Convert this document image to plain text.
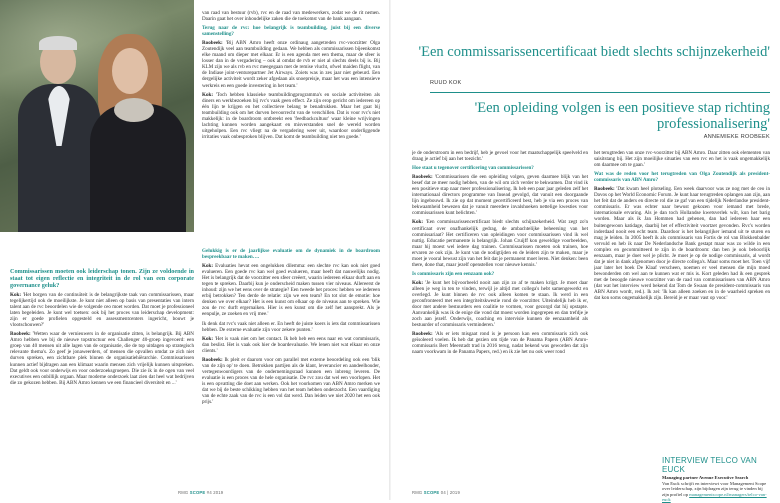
van raad van bestuur (rvb), rvc en de raad van medewerkers, zodat we de rit nemen. Daarin gaat het over inhoudelijke zaken die de toekomst van de bank aangaan.

Terug naar de rvc: hoe belangrijk is teambuilding, juist bij een diverse samenstelling?

Roobeek: 'Bij ABN Amro heeft onze ordinaug aangetreden rvc-voorzitter Olga Zoutendijk veel aan teambuilding gedaan. We hebben als commissarissen bijeenkomst elke maand om dieper met elkaar. Er is een agenda met een thema, maar de sfeer is losser dan in de vergadering – ook al omdat de rvb er niet al slechts deels bij is. Bij KLM zijn we als rvb en rvc meegegaan met de remise vlucht, ofwel maiden flight, van de Indiase joint-venturepartner Jet Airways. Zoiets was in zes jaar niet gebeurd. Een dergelijke activiteit wordt zeker afgedaan als snoepreisje, maar het was een intensieve werkreis en een goede investering in het team.'

Kok: 'Toch hebben klassieke teambuildingprogramma's en sociale activiteiten als diners en werkbezoeken bij rvc's vaak geen effect. Ze zijn erop gericht om iedereen op één lijn te krijgen en het collectieve belang te benadrukken. Maar het gaat bij teambuilding ook om het durven bevoorrecht van de verschillen. Dat is voor rvc's niet makkelijk: in de boardroom ontbreekt een 'feedbackcultuur' waar kleine wrijvingen lachting kunnen worden aangekaart en misverstanden snel de wereld worden uitgeholpen. Een rvc vliegt na de vergadering weer uit, waardoor onderliggende irritaties vaak onbesproken blijven. Dat komt de teambuilding niet ten goede.'

Gelukkig is er de jaarlijkse evaluatie om de dynamiek in de boardroom bespreekbaar te maken….

Kok: Evaluaties hevat een ongelukken dilemma: een slechte rvc kan ook niet goed evalueren. Een goede rvc kan wel goed evalueren, maar heeft dat nauwelijks nodig. Het is belangrijk dat de voorzitter een sfeer creëert, waarin iedereen elkaar durft aan en tegen te spreken. Daarbij kun je onderscheid maken tussen vier niveaus. Allereerst de inhoud: zijn we het eens over de strategie? Een tweede het proces: hebben we iedereen erbij betrokken? Ten derde de relatie: zijn we een team? En tot slot de emotie: hoe denken we over elkaar? Het is een kunst om elkaar op de niveaus aan te spreken. Wie zou de rvc durft ergernaiken. Hier is een kunst om die zelf het aansprekt. Als je eenpulje, ze zoeken en vrij mee.'

Ik denk dat rvc's vaak niet alleen er. En heeft de juiste koers is iets dat commissarissen hebben. De externe evaluatie zijn voor zekere punten.'

Kok: 'Het is vaak niet om het contact. Ik heb heb een eens naar en wat commissaris, dan beslist. Het is vaak ook hier de boardevaluatie. We lenen niet wat elkaar en onze clients.'

Roobeek: Ik pleit er daarom voor om parallel met externe beoordeling ook een 'blik van de zijn op' te doen. Betrokken partijen als de klant, leverancier en aandeelhouder, vertegenwoordigers van de ondernemingsraad kunnen een inbreng leveren. De evaluatie is een proces van de hele organisatie. De rvc zou dat wel een voorlopen. Het is een opvatting die doet aan werken. Ook het voorkomen van ABN Amro merken we dat we bij de beste schikking hebben van het team hebben onderzocht. Een vaardiging van de echte zaak van de rvc is een vol dat werd. Dan leiden we niet 2020 het een ook prijs.'

Commissarissen moeten ook leiderschap tonen. Zijn ze voldoende in staat tot eigen reflectie en integriteit in de rol van een corporate governance geluk?

Kok: 'Het borgen van de continuïteit is de belangrijkste taak van commissarissen, maar tegelijkertijd ook de moeilijkste. Je kunt niet alleen op basis van presentaties van intern talent aan de rvc beoordelen wie de volgende ceo moet worden. Dat moet je professioneel laten begeleiden. Je kunt wel toetsen: ook bij het proces van leiderschap development: zijn er goede profielen opgesteld en assessmentcenters ingericht, bouwt je vlootschouwen?'

Roobeek: 'Wetten waar de vernieuwers in de organisatie zitten, is belangrijk. Bij ABN Amro hebben we bij de nieuwe topstructuur een Challenger 40-groep ingevoerd: een groep van 40 mensen uit alle lagen van de organisatie, die de top uitdagen op strategisch relevante thema's. Zo geef je jonaweerders, of mensen die opvallen omdat ze zich niet durven spreken, een zichtbare plek binnen de organisatiehiërarchie. Commissarissen kunnen actief bijdragen aan een klimaat waarin mensen zich vrijelijk kunnen uitspreken. Dat geldt ook voor onderwijs en voor onderzoeksgroepen. Die zie ik in de ogen van veel executives een onbillijk orgaan. Maar moderne onderzoek laat zien dat heel wat bedrijven die zo gekozen hebben. Bij ABN Amro kennen we een financieel diversiteit en ...'

RMG SCOPE #4 2019
'Een commissarissencertificaat biedt slechts schijnzekerheid'
RUUD KOK
'Een opleiding volgen is een positieve stap richting professionalisering'
ANNEMIEKE ROOBEEK

je de onderstroom in een bedrijf, heb je gevoel voor het maatschappelijk speelveld en draag je actief bij aan het toezicht.'

Hoe staat u tegenover certificering van commissarissen?

Roobeek: 'Commissarissen die een opleiding volgen, geven daarmee blijk van het besef dat ze meer nodig hebben, van de wil om zich verder te bekwamen. Dat vind ik een positieve stap naar meer professionalisering. Ik heb een paar jaar geleden zelf het internationaal directors programme van Insead gevolgd, dat vanuit een doorgaande lijn ingebouwd. Ik zie op dat moment gecertificeerd best, heb je via een proces van bekwaamheid bewezen dat je vanuit meerdere invalshoeken nettelige kwesties voor commissarissen kunt belichten.'

Kok: 'Een commissarissencertificaat biedt slechts schijnzekerheid. Wat zegt zo'n certificaat over onafhankelijk gedrag, de ambachtelijke beheersing van het commissariaat? Het certificeren van opleidingen voor commissarissen vind ik wel nuttig. Educatie permanente is belangrijk. Johan Cruijff kon geweldige voorbeelden, maar hij moest wel iedere dag trainen. Commissarissen moeten ook trainen, hoe ervaren ze ook zijn. Je kunt van de nodigtijden en de leiders zijn te maken, maar je moet je vooral bewust zijn van het feit dat je permanent moet leren. Niet denken: been there, done that, maar jezelf openstellen voor nieuwe kennis.'

Is commissaris zijn een eenzaam ook?

Kok: 'Je kunt het bijvoorbeeld nooit aan zijn zo af te maken krijgt. Je moet daar alleen je weg in ten te vinden, terwijl je altijd met collega's hebt samengewerkt en overlegd. Je kunt binnen de rvc ook alleen komen te staan. Ik werd in een geconfronteerd met een integriteitskwestie rond de voorzitter. Uiteindelijk heb ik er, door met andere bestuurders een coalitie te vormen, voor gezorgd dat hij opstapte. Aanvankelijk was ik de enige die vond dat moest worden ingegrepen en dan trefdje je zoch aan jezelf. Onderwijs, coaching en intervisie kunnen de eenzaamheid als bestuurder of commissaris verminderen.'

Roobeek: 'Als er iets misgaat rond is je persoon kan een commissaris zich ook geïsoleerd voelen. Ik heb dat gezien om tijde van de Panama Papers (ABN Amro-commissaris Bert Meerstadt trad in 2016 terug, nadat bekend was geworden dat zijn naam voorkwam in de Panama Papers, red.) en ik zie het nu ook weer rond

het terugtreden van onze rvc-voorzitter bij ABN Amro. Daar zitten ook elementen van saisitstang bij. Het zijn moeilijke situaties van een rvc en het is vaak ongemakkelijk om daarmee om te gaan.'

Wat was de reden voor het terugtreden van Olga Zoutendijk als president-commissaris van ABN Amro?

Roobeek: 'Dat kwam heel plotseling. Een week daarvoor was ze nog met de ceo in Davos op het World Economic Forum. Je kunt haar terugtreden oplangen aan zijn, aan het feit dat de anders en directe rol die ze gaf van een tijdelijk Nederlandse president-commissaris. Er was echter naar bewust gekozen voor iemand met brede, internationale ervaring. Als je dan toch Hollandse kwetsverlek wilt, kun het barig worden. Maar als ik Jan Hommen had gehenen, dan had iedereen haar een buitengewoon katidage, daarbij het ef effectiviteit voortzet gevonden. Rvc's worden inderdaad nooit een echt team. Daardoor is het belangrijker iemand uit te sturen en mag je leiden. In 2005 heeft ik als commissaris van Fortis de rol van Blokkenbalder vervuld en heb ik naar De Nederlandsche Bank gestapt maar was zo wilde in een complex en gecommitteerd te zijn in de boardroom: dan ben je ook behoorlijk eenzaam, maar je doet wel je plicht. Je moet je op de nodige commissaris, al wordt dat je niet in dank afgenomen door je directe collega's. Maar soms moet het. Toen vijf jaar later het boek De Klaaf verscheen, noemen er veel mensen die mijn moed bewonderden om wel aan te kunnen wat er mis is. Kort geleden had ik een gesprek met de beoogde nieuwe voorzitter van de raad van commissarissen van ABN Amro (dat wat het interview werd bekend dat Tom de Swaan de president-commissaris van ABN Amro wordt, red.). Ik zei: 'Ik kan alleen zoeken en in de waarheid spreken en dat kon soms ongemakkelijk zijn. Bereid je er maar vast op voor.'

INTERVIEW TELCO VAN EUCK
Managing partner Avenue Executive Search
Van Euck schrijft en interviewt voor Management Scope over leiderschap, zijn bijdragen zijn terug te vinden bij zijn profiel op managementscope.nl/managers/telco-van-euck
RMG SCOPE 04 | 2019
